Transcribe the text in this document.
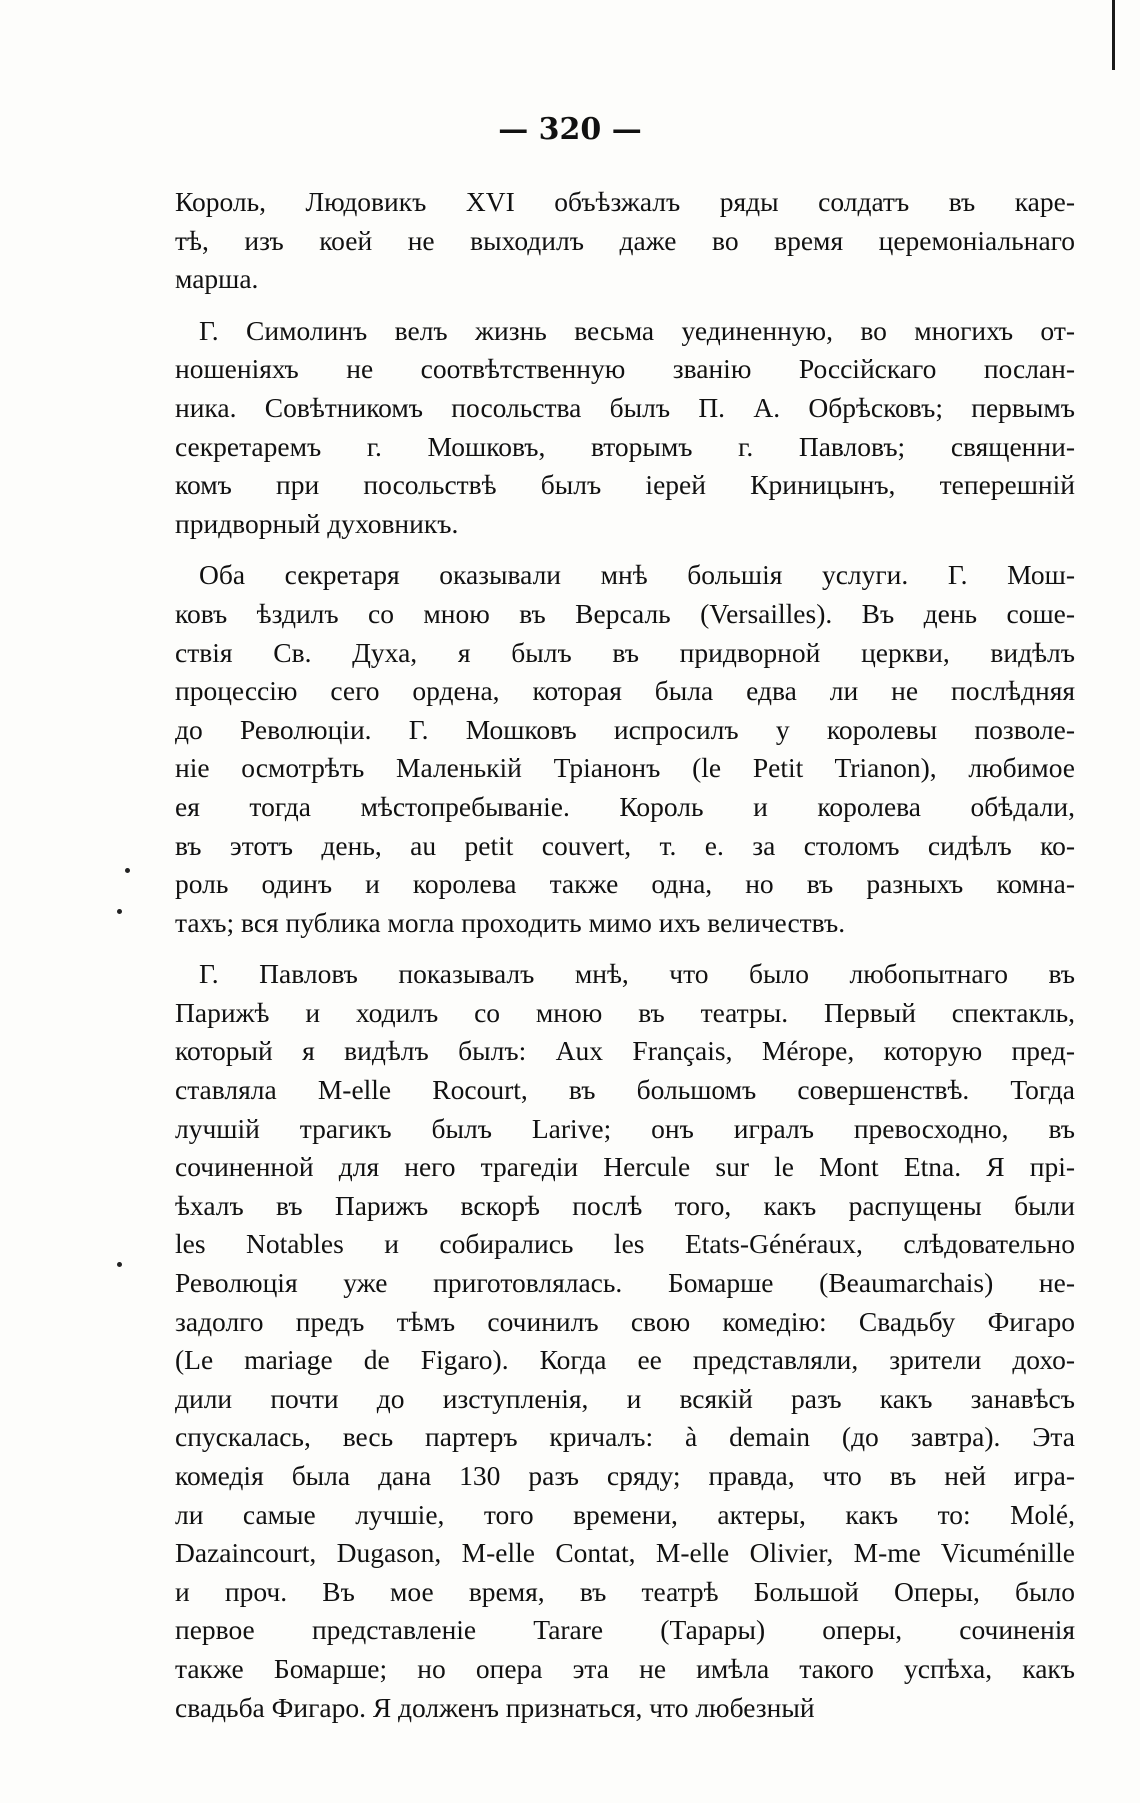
— 320 —
Король, Людовикъ XVI объѣзжалъ ряды солдатъ въ каре-
тѣ, изъ коей не выходилъ даже во время церемоніальнаго
марша.
Г. Симолинъ велъ жизнь весьма уединенную, во многихъ от-
ношеніяхъ не соотвѣтственную званію Россійскаго послан-
ника. Совѣтникомъ посольства былъ П. А. Обрѣсковъ; первымъ
секретаремъ г. Мошковъ, вторымъ г. Павловъ; священни-
комъ при посольствѣ былъ іерей Криницынъ, теперешній
придворный духовникъ.
Оба секретаря оказывали мнѣ большія услуги. Г. Мош-
ковъ ѣздилъ со мною въ Версаль (Versailles). Въ день соше-
ствія Св. Духа, я былъ въ придворной церкви, видѣлъ
процессію сего ордена, которая была едва ли не послѣдняя
до Революціи. Г. Мошковъ испросилъ у королевы позволе-
ніе осмотрѣть Маленькій Тріанонъ (le Petit Trianon), любимое
ея тогда мѣстопребываніе. Король и королева обѣдали,
въ этотъ день, au petit couvert, т. е. за столомъ сидѣлъ ко-
роль одинъ и королева также одна, но въ разныхъ комна-
тахъ; вся публика могла проходить мимо ихъ величествъ.
Г. Павловъ показывалъ мнѣ, что было любопытнаго въ
Парижѣ и ходилъ со мною въ театры. Первый спектакль,
который я видѣлъ былъ: Aux Français, Mérope, которую пред-
ставляла M-elle Rocourt, въ большомъ совершенствѣ. Тогда
лучшій трагикъ былъ Larive; онъ игралъ превосходно, въ
сочиненной для него трагедіи Hercule sur le Mont Etna. Я прі-
ѣхалъ въ Парижъ вскорѣ послѣ того, какъ распущены были
les Notables и собирались les Etats-Généraux, слѣдовательно
Революція уже приготовлялась. Бомарше (Beaumarchais) не-
задолго предъ тѣмъ сочинилъ свою комедію: Свадьбу Фигаро
(Le mariage de Figaro). Когда ее представляли, зрители дохо-
дили почти до изступленія, и всякій разъ какъ занавѣсъ
спускалась, весь партеръ кричалъ: à demain (до завтра). Эта
комедія была дана 130 разъ сряду; правда, что въ ней игра-
ли самые лучшіе, того времени, актеры, какъ то: Molé,
Dazaincourt, Dugason, M-elle Contat, M-elle Olivier, M-me Vicuménille
и проч. Въ мое время, въ театрѣ Большой Оперы, было
первое представленіе Tarare (Тарары) оперы, сочиненія
также Бомарше; но опера эта не имѣла такого успѣха, какъ
свадьба Фигаро. Я долженъ признаться, что любезный
